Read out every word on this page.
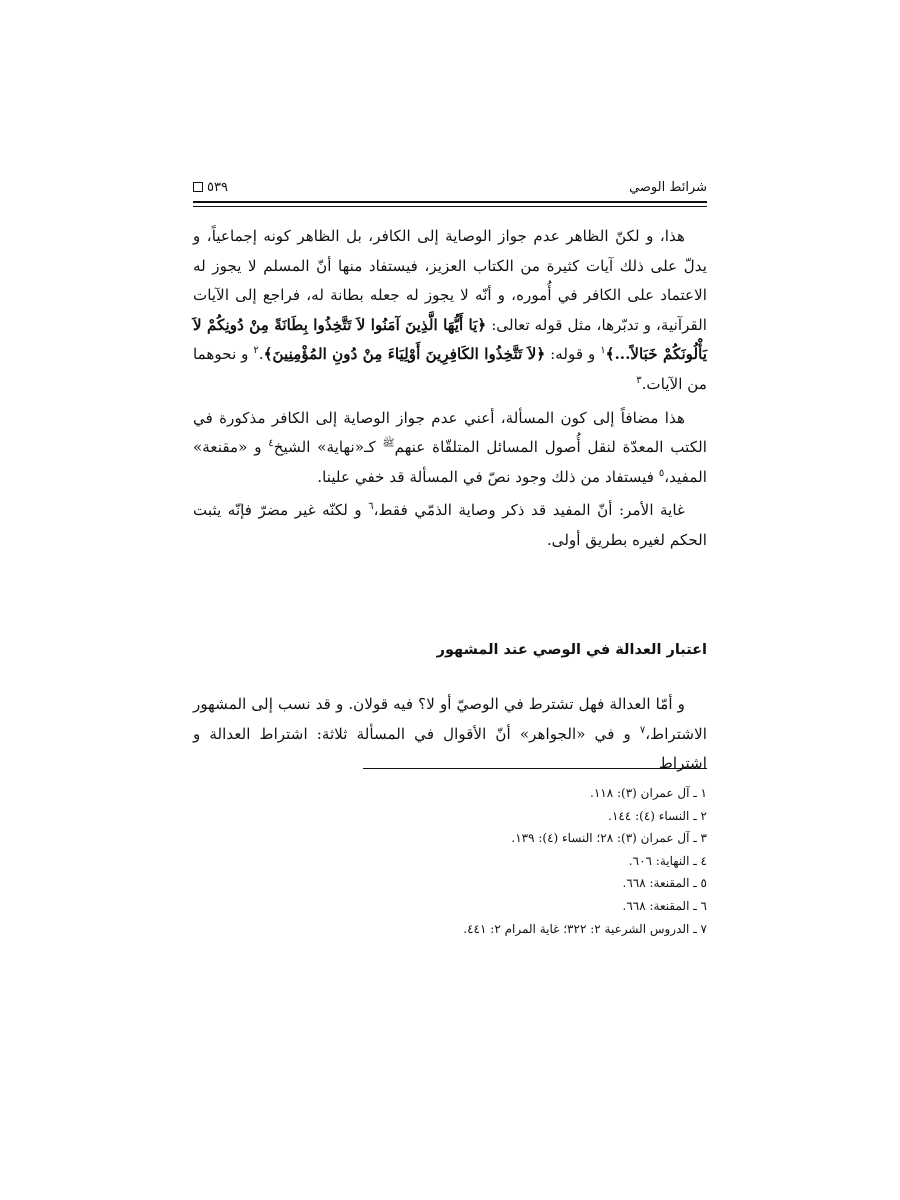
شرائط الوصي
٥٣٩

هذا، و لكنّ الظاهر عدم جواز الوصاية إلى الكافر، بل الظاهر كونه إجماعياً، و يدلّ على ذلك آيات كثيرة من الكتاب العزيز، فيستفاد منها أنّ المسلم لا يجوز له الاعتماد على الكافر في أُموره، و أنّه لا يجوز له جعله بطانة له، فراجع إلى الآيات القرآنية، و تدبّرها، مثل قوله تعالى: ﴿يَا أَيُّهَا الَّذِينَ آمَنُوا لاَ تَتَّخِذُوا بِطَانَةً مِنْ دُونِكُمْ لاَ يَأْلُونَكُمْ خَبَالاً...﴾$^١$ و قوله: ﴿لاَ تَتَّخِذُوا الكَافِرِينَ أَوْلِيَاءَ مِنْ دُونِ المُؤْمِنِينَ﴾.$^٢$ و نحوهما من الآيات.$^٣$

هذا مضافاً إلى كون المسألة، أعني عدم جواز الوصاية إلى الكافر مذكورة في الكتب المعدّة لنقل أُصول المسائل المتلقّاة عنهم$^ﷺ$ كـ«نهاية» الشيخ$^٤$ و «مقنعة» المفيد،$^٥$ فيستفاد من ذلك وجود نصّ في المسألة قد خفي علينا.

غاية الأمر: أنّ المفيد قد ذكر وصاية الذمّي فقط،$^٦$ و لكنّه غير مضرّ فإنّه يثبت الحكم لغيره بطريق أولى.

اعتبار العدالة في الوصي عند المشهور

و أمّا العدالة فهل تشترط في الوصيّ أو لا؟ فيه قولان. و قد نسب إلى المشهور الاشتراط،$^٧$ و في «الجواهر» أنّ الأقوال في المسألة ثلاثة: اشتراط العدالة و اشتراط

١ ـ آل عمران (٣): ١١٨.
٢ ـ النساء (٤): ١٤٤.
٣ ـ آل عمران (٣): ٢٨؛ النساء (٤): ١٣٩.
٤ ـ النهاية: ٦٠٦.
٥ ـ المقنعة: ٦٦٨.
٦ ـ المقنعة: ٦٦٨.
٧ ـ الدروس الشرعية ٢: ٣٢٢؛ غاية المرام ٢: ٤٤١.
